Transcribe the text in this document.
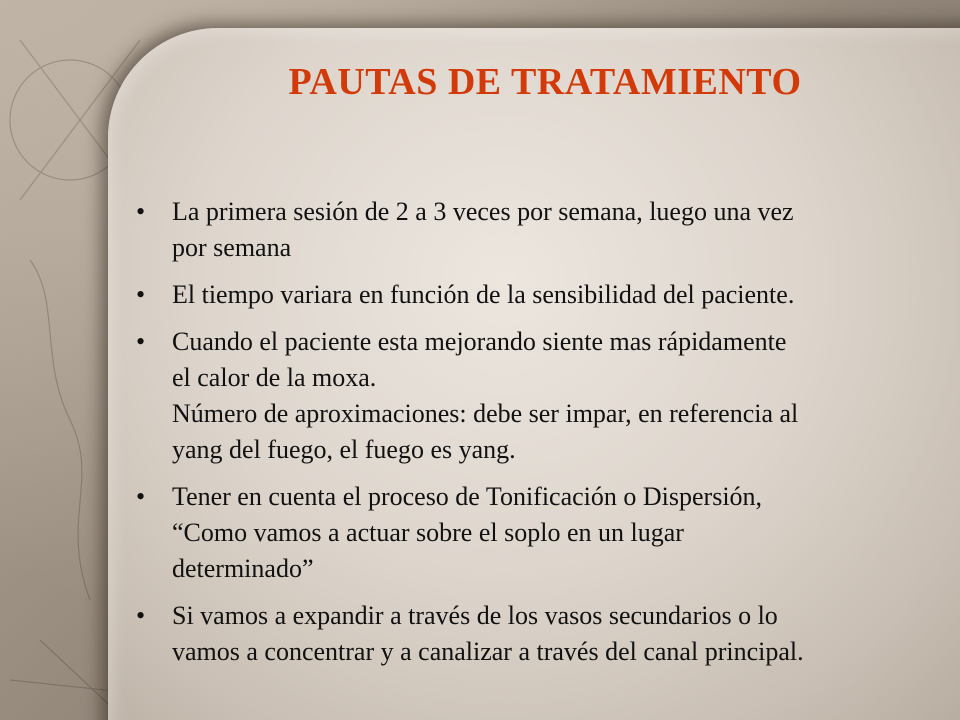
PAUTAS DE TRATAMIENTO
• La primera sesión de 2 a 3 veces por semana, luego una vez
por semana
• El tiempo variara en función de la sensibilidad del paciente.
• Cuando el paciente esta mejorando siente mas rápidamente
el calor de la moxa.
Número de aproximaciones: debe ser impar, en referencia al
yang del fuego, el fuego es yang.
• Tener en cuenta el proceso de Tonificación o Dispersión,
“Como vamos a actuar sobre el soplo en un lugar
determinado”
• Si vamos a expandir a través de los vasos secundarios o lo
vamos a concentrar y a canalizar a través del canal principal.
